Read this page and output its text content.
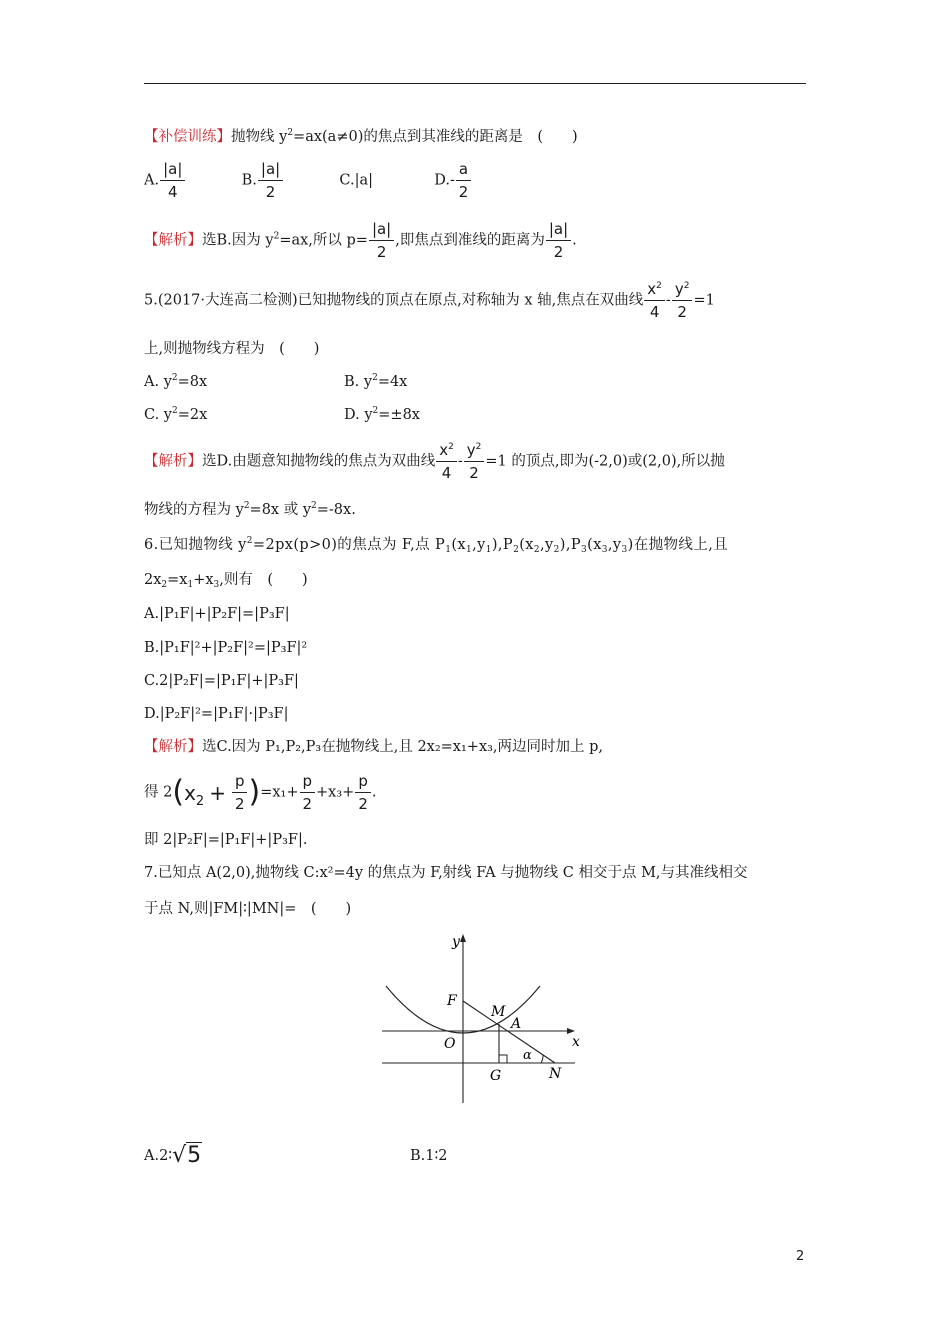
【补偿训练】抛物线 $y^2=ax(a\ne 0)$的焦点到其准线的距离是　(　　)
A. $\frac{|a|}{4}$	B. $\frac{|a|}{2}$	C.|a|	$D.- \frac{a}{2}$
【解析】选B.因为 $y^2=ax$,所以 $p= \frac{|a|}{2}$ ,即焦点到准线的距离为 $\frac{|a|}{2}$ .
5.(2017·大连高二检测)已知抛物线的顶点在原点,对称轴为 x 轴,焦点在双曲线 $\frac{x^2}{4} - \frac{y^2}{2} =1$
上,则抛物线方程为　(　　)
A. $y^2=8x$	B. $y^2=4x$
C. $y^2=2x$	D. $y^2=\pm 8x$
【解析】选D.由题意知抛物线的焦点为双曲线 $\frac{x^2}{4} - \frac{y^2}{2} =1$ 的顶点,即为(-2,0)或(2,0),所以抛
物线的方程为 $y^2=8x$ 或 $y^2=-8x$.
6.已知抛物线 $y^2=2px(p>0)$的焦点为 F,点 $P_1(x_1,y_1),P_2(x_2,y_2),P_3(x_3,y_3)$在抛物线上,且
$2x_2=x_1+x_3$,则有　(　　)
A.|P₁F|+|P₂F|=|P₃F|
B.|P₁F|²+|P₂F|²=|P₃F|²
C.2|P₂F|=|P₁F|+|P₃F|
D.|P₂F|²=|P₁F|·|P₃F|
【解析】选C.因为 P₁,P₂,P₃在抛物线上,且 2x₂=x₁+x₃,两边同时加上 p,
得 $2(x_2 + \frac{p}{2} )=x_1+ \frac{p}{2} +x_3+ \frac{p}{2}$ .
即 2|P₂F|=|P₁F|+|P₃F|.
7.已知点 A(2,0),抛物线 C:x²=4y 的焦点为 F,射线 FA 与抛物线 C 相交于点 M,与其准线相交
于点 N,则|FM|∶|MN|=　(　　)
y
x
F
M
A
O
G	N
α
A.2∶√5	B.1∶2
2
